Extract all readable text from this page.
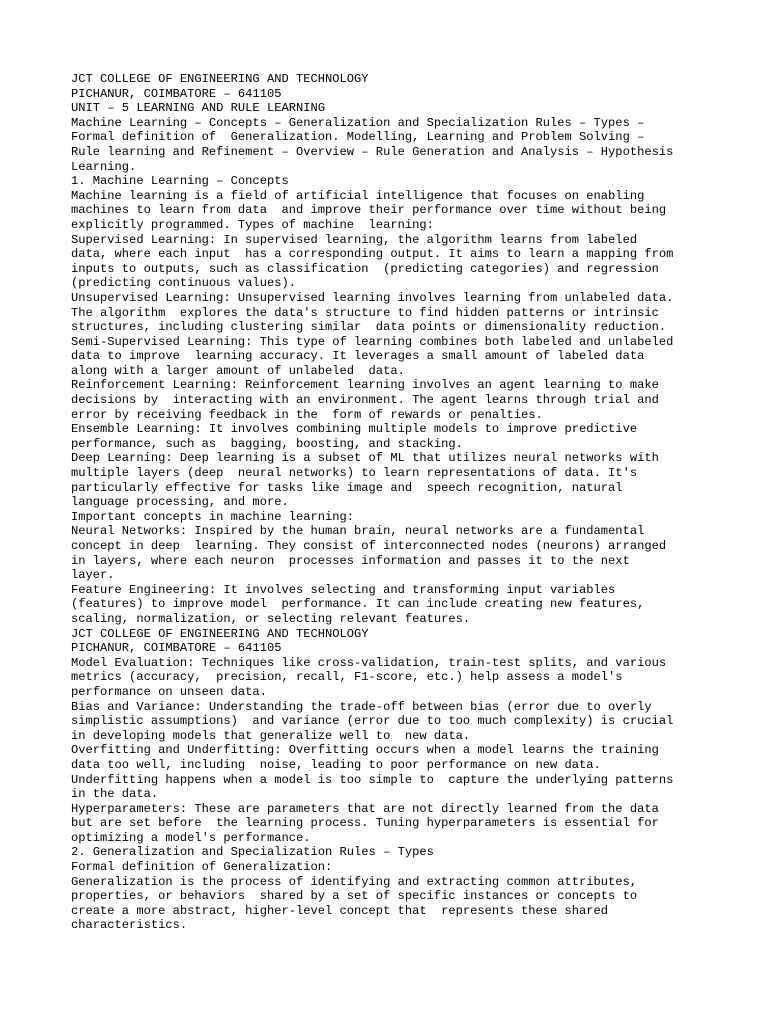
JCT COLLEGE OF ENGINEERING AND TECHNOLOGY
PICHANUR, COIMBATORE – 641105
UNIT – 5 LEARNING AND RULE LEARNING
Machine Learning – Concepts – Generalization and Specialization Rules – Types –
Formal definition of  Generalization. Modelling, Learning and Problem Solving –
Rule learning and Refinement – Overview – Rule Generation and Analysis – Hypothesis
Learning.
1. Machine Learning – Concepts
Machine learning is a field of artificial intelligence that focuses on enabling
machines to learn from data  and improve their performance over time without being
explicitly programmed. Types of machine  learning:
Supervised Learning: In supervised learning, the algorithm learns from labeled
data, where each input  has a corresponding output. It aims to learn a mapping from
inputs to outputs, such as classification  (predicting categories) and regression
(predicting continuous values).
Unsupervised Learning: Unsupervised learning involves learning from unlabeled data.
The algorithm  explores the data's structure to find hidden patterns or intrinsic
structures, including clustering similar  data points or dimensionality reduction.
Semi-Supervised Learning: This type of learning combines both labeled and unlabeled
data to improve  learning accuracy. It leverages a small amount of labeled data
along with a larger amount of unlabeled  data.
Reinforcement Learning: Reinforcement learning involves an agent learning to make
decisions by  interacting with an environment. The agent learns through trial and
error by receiving feedback in the  form of rewards or penalties.
Ensemble Learning: It involves combining multiple models to improve predictive
performance, such as  bagging, boosting, and stacking.
Deep Learning: Deep learning is a subset of ML that utilizes neural networks with
multiple layers (deep  neural networks) to learn representations of data. It's
particularly effective for tasks like image and  speech recognition, natural
language processing, and more.
Important concepts in machine learning:
Neural Networks: Inspired by the human brain, neural networks are a fundamental
concept in deep  learning. They consist of interconnected nodes (neurons) arranged
in layers, where each neuron  processes information and passes it to the next
layer.
Feature Engineering: It involves selecting and transforming input variables
(features) to improve model  performance. It can include creating new features,
scaling, normalization, or selecting relevant features.
JCT COLLEGE OF ENGINEERING AND TECHNOLOGY
PICHANUR, COIMBATORE – 641105
Model Evaluation: Techniques like cross-validation, train-test splits, and various
metrics (accuracy,  precision, recall, F1-score, etc.) help assess a model's
performance on unseen data.
Bias and Variance: Understanding the trade-off between bias (error due to overly
simplistic assumptions)  and variance (error due to too much complexity) is crucial
in developing models that generalize well to  new data.
Overfitting and Underfitting: Overfitting occurs when a model learns the training
data too well, including  noise, leading to poor performance on new data.
Underfitting happens when a model is too simple to  capture the underlying patterns
in the data.
Hyperparameters: These are parameters that are not directly learned from the data
but are set before  the learning process. Tuning hyperparameters is essential for
optimizing a model's performance.
2. Generalization and Specialization Rules – Types
Formal definition of Generalization:
Generalization is the process of identifying and extracting common attributes,
properties, or behaviors  shared by a set of specific instances or concepts to
create a more abstract, higher-level concept that  represents these shared
characteristics.
